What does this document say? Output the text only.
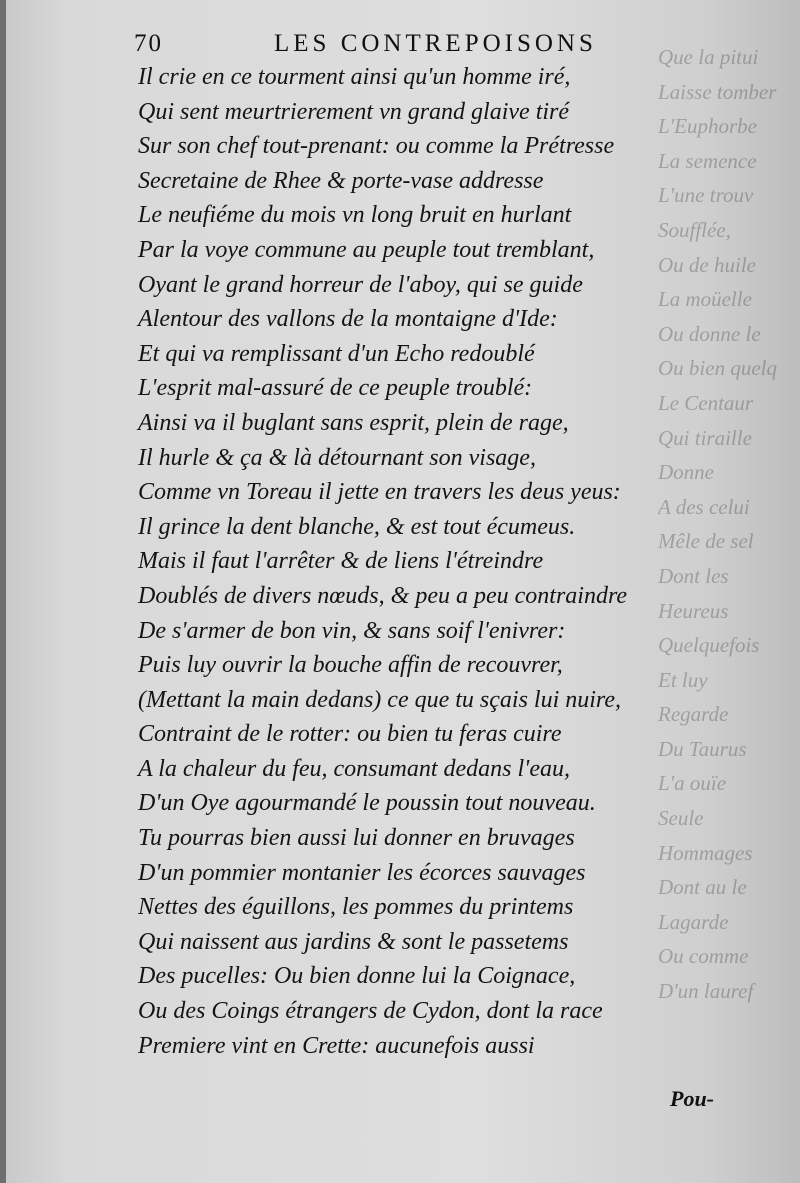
Que la pitui
Laisse tomber
L'Euphorbe
La semence
L'une trouv
Soufflée,
Ou de huile
La moüelle
Ou donne le
Ou bien quelq
Le Centaur
Qui tiraille
Donne
A des celui
Mêle de sel
Dont les
Heureus
Quelquefois
Et luy
Regarde
Du Taurus
L'a ouïe
Seule
Hommages
Dont au le
Lagarde
Ou comme
D'un lauref
70	LES CONTREPOISONS
Il crie en ce tourment ainsi qu'un homme iré,
Qui sent meurtrierement vn grand glaive tiré
Sur son chef tout-prenant: ou comme la Prétresse
Secretaine de Rhee & porte-vase addresse
Le neufiéme du mois vn long bruit en hurlant
Par la voye commune au peuple tout tremblant,
Oyant le grand horreur de l'aboy, qui se guide
Alentour des vallons de la montaigne d'Ide:
Et qui va remplissant d'un Echo redoublé
L'esprit mal-assuré de ce peuple troublé:
Ainsi va il buglant sans esprit, plein de rage,
Il hurle & ça & là détournant son visage,
Comme vn Toreau il jette en travers les deus yeus:
Il grince la dent blanche, & est tout écumeus.
Mais il faut l'arrêter & de liens l'étreindre
Doublés de divers nœuds, & peu a peu contraindre
De s'armer de bon vin, & sans soif l'enivrer:
Puis luy ouvrir la bouche affin de recouvrer,
(Mettant la main dedans) ce que tu sçais lui nuire,
Contraint de le rotter: ou bien tu feras cuire
A la chaleur du feu, consumant dedans l'eau,
D'un Oye agourmandé le poussin tout nouveau.
Tu pourras bien aussi lui donner en bruvages
D'un pommier montanier les écorces sauvages
Nettes des éguillons, les pommes du printems
Qui naissent aus jardins & sont le passetems
Des pucelles: Ou bien donne lui la Coignace,
Ou des Coings étrangers de Cydon, dont la race
Premiere vint en Crette: aucunefois aussi
Pou-
